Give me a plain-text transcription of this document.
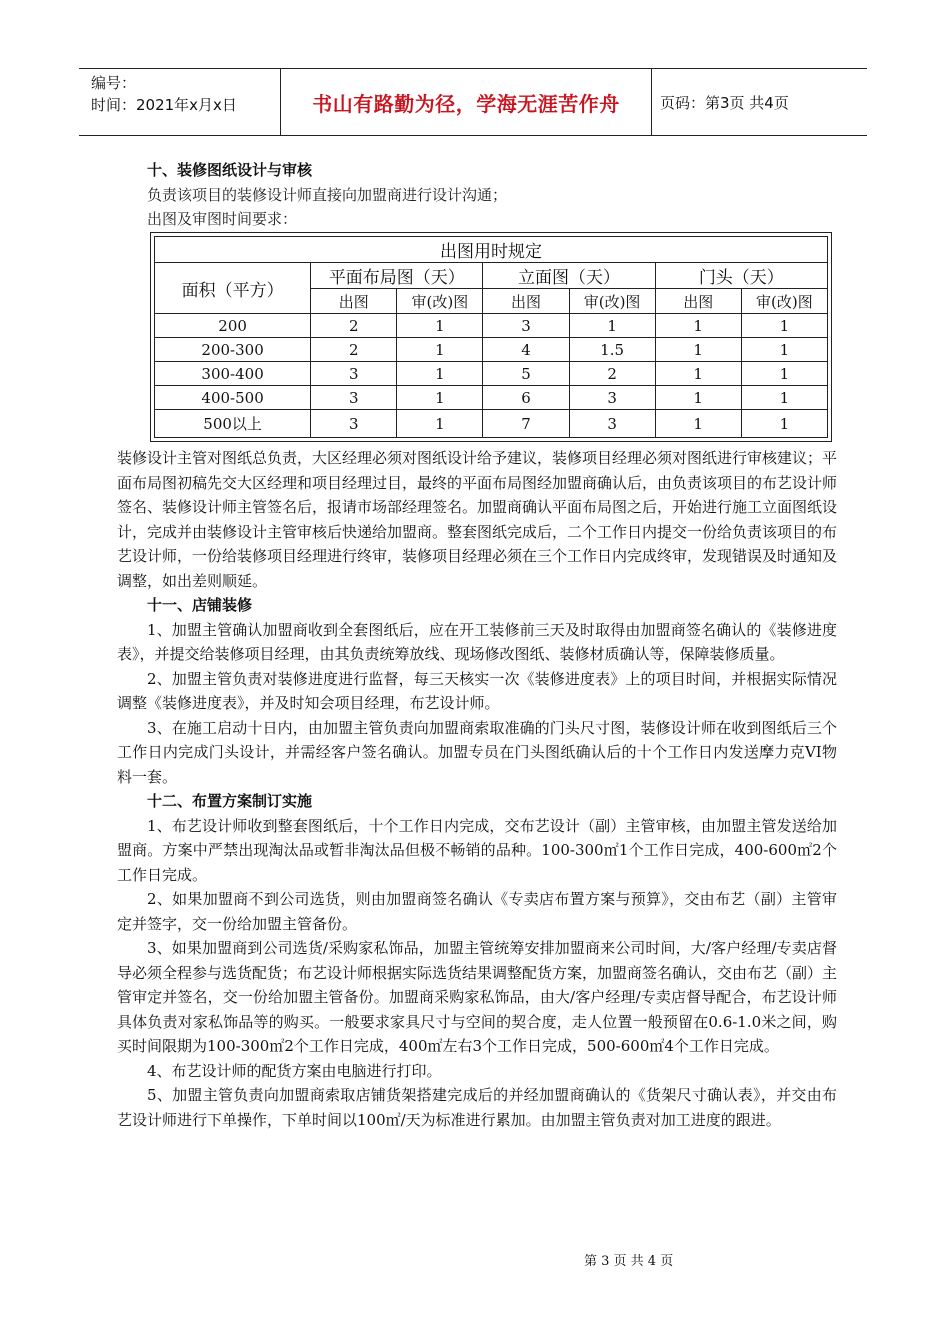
编号：
时间：2021年x月x日	书山有路勤为径，学海无涯苦作舟	页码：第3页 共4页

十、装修图纸设计与审核

负责该项目的装修设计师直接向加盟商进行设计沟通；

出图及审图时间要求：

出图用时规定						
面积（平方）	平面布局图（天）		立面图（天）		门头（天）	
	出图	审(改)图	出图	审(改)图	出图	审(改)图
200	2	1	3	1	1	1
200-300	2	1	4	1.5	1	1
300-400	3	1	5	2	1	1
400-500	3	1	6	3	1	1
500以上	3	1	7	3	1	1

装修设计主管对图纸总负责，大区经理必须对图纸设计给予建议，装修项目经理必须对图纸进行审核建议；平面布局图初稿先交大区经理和项目经理过目，最终的平面布局图经加盟商确认后，由负责该项目的布艺设计师签名、装修设计师主管签名后，报请市场部经理签名。加盟商确认平面布局图之后，开始进行施工立面图纸设计，完成并由装修设计主管审核后快递给加盟商。整套图纸完成后，二个工作日内提交一份给负责该项目的布艺设计师，一份给装修项目经理进行终审，装修项目经理必须在三个工作日内完成终审，发现错误及时通知及调整，如出差则顺延。

十一、店铺装修

1、加盟主管确认加盟商收到全套图纸后，应在开工装修前三天及时取得由加盟商签名确认的《装修进度表》，并提交给装修项目经理，由其负责统筹放线、现场修改图纸、装修材质确认等，保障装修质量。

2、加盟主管负责对装修进度进行监督，每三天核实一次《装修进度表》上的项目时间，并根据实际情况调整《装修进度表》，并及时知会项目经理，布艺设计师。

3、在施工启动十日内，由加盟主管负责向加盟商索取准确的门头尺寸图，装修设计师在收到图纸后三个工作日内完成门头设计，并需经客户签名确认。加盟专员在门头图纸确认后的十个工作日内发送摩力克VI物料一套。

十二、布置方案制订实施

1、布艺设计师收到整套图纸后，十个工作日内完成，交布艺设计（副）主管审核，由加盟主管发送给加盟商。方案中严禁出现淘汰品或暂非淘汰品但极不畅销的品种。100-300㎡1个工作日完成，400-600㎡2个工作日完成。

2、如果加盟商不到公司选货，则由加盟商签名确认《专卖店布置方案与预算》，交由布艺（副）主管审定并签字，交一份给加盟主管备份。

3、如果加盟商到公司选货/采购家私饰品，加盟主管统筹安排加盟商来公司时间，大/客户经理/专卖店督导必须全程参与选货配货；布艺设计师根据实际选货结果调整配货方案，加盟商签名确认，交由布艺（副）主管审定并签名，交一份给加盟主管备份。加盟商采购家私饰品，由大/客户经理/专卖店督导配合，布艺设计师具体负责对家私饰品等的购买。一般要求家具尺寸与空间的契合度，走人位置一般预留在0.6-1.0米之间，购买时间限期为100-300㎡2个工作日完成，400㎡左右3个工作日完成，500-600㎡4个工作日完成。

4、布艺设计师的配货方案由电脑进行打印。

5、加盟主管负责向加盟商索取店铺货架搭建完成后的并经加盟商确认的《货架尺寸确认表》，并交由布艺设计师进行下单操作，下单时间以100㎡/天为标准进行累加。由加盟主管负责对加工进度的跟进。

第 3 页 共 4 页
